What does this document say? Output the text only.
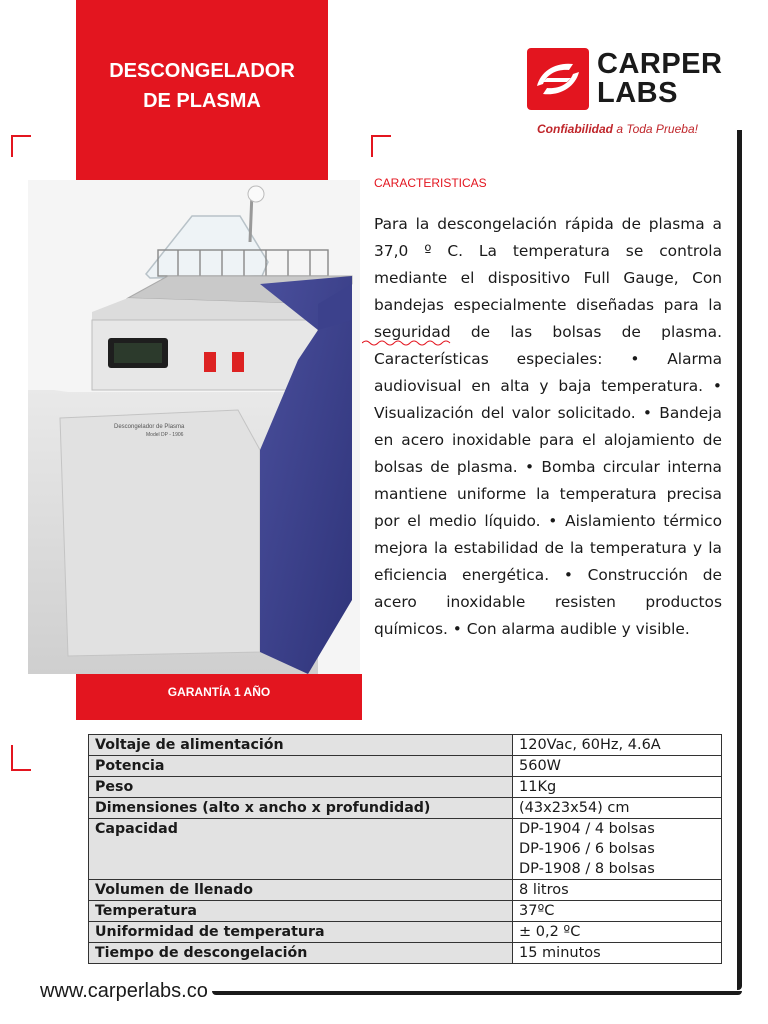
DESCONGELADOR
DE PLASMA
Descongelador de Plasma
Model DP - 1906
GARANTÍA 1 AÑO
CARPER
LABS
Confiabilidad a Toda Prueba!
CARACTERISTICAS
Para la descongelación rápida de plasma a 37,0 º C. La temperatura se controla mediante el dispositivo Full Gauge, Con bandejas especialmente diseñadas para la seguridad de las bolsas de plasma. Características especiales: • Alarma audiovisual en alta y baja temperatura. • Visualización del valor solicitado. • Bandeja en acero inoxidable para el alojamiento de bolsas de plasma. • Bomba circular interna mantiene uniforme la temperatura precisa por el medio líquido. • Aislamiento térmico mejora la estabilidad de la temperatura y la eficiencia energética. • Construcción de acero inoxidable resisten productos químicos. • Con alarma audible y visible.
Voltaje de alimentación	120Vac, 60Hz, 4.6A
Potencia	560W
Peso	11Kg
Dimensiones (alto x ancho x profundidad)	(43x23x54) cm
Capacidad	DP-1904 / 4 bolsas
DP-1906 / 6 bolsas
DP-1908 / 8 bolsas

Volumen de llenado	8 litros
Temperatura	37ºC
Uniformidad de temperatura	± 0,2 ºC
Tiempo de descongelación	15 minutos
www.carperlabs.co
